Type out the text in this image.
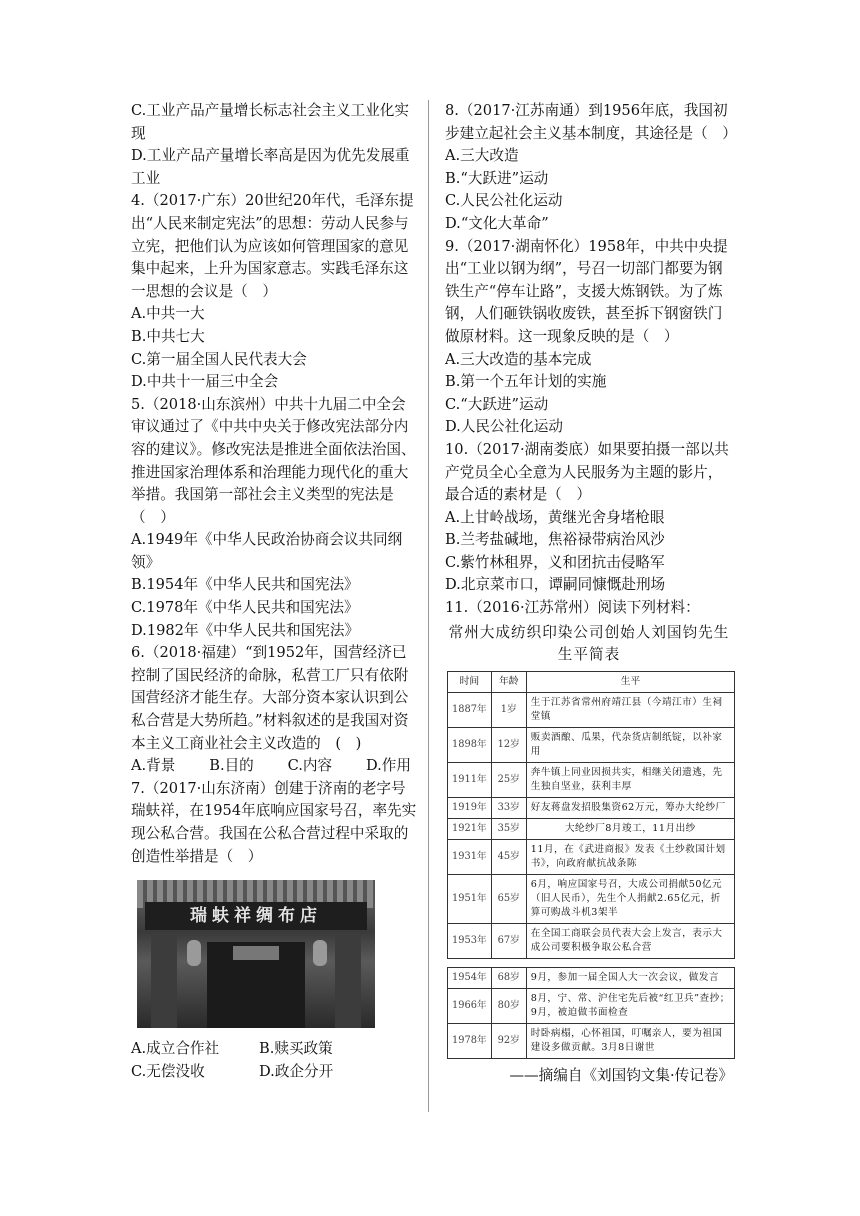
C.工业产品产量增长标志社会主义工业化实现

D.工业产品产量增长率高是因为优先发展重工业

4.（2017·广东）20世纪20年代，毛泽东提出“人民来制定宪法”的思想：劳动人民参与立宪，把他们认为应该如何管理国家的意见集中起来，上升为国家意志。实践毛泽东这一思想的会议是（　）

A.中共一大

B.中共七大

C.第一届全国人民代表大会

D.中共十一届三中全会

5.（2018·山东滨州）中共十九届二中全会审议通过了《中共中央关于修改宪法部分内容的建议》。修改宪法是推进全面依法治国、推进国家治理体系和治理能力现代化的重大举措。我国第一部社会主义类型的宪法是（　）

A.1949年《中华人民政治协商会议共同纲领》

B.1954年《中华人民共和国宪法》

C.1978年《中华人民共和国宪法》

D.1982年《中华人民共和国宪法》

6.（2018·福建）“到1952年，国营经济已控制了国民经济的命脉，私营工厂只有依附国营经济才能生存。大部分资本家认识到公私合营是大势所趋。”材料叙述的是我国对资本主义工商业社会主义改造的　(　)

A.背景 B.目的 C.内容 D.作用

7.（2017·山东济南）创建于济南的老字号瑞蚨祥，在1954年底响应国家号召，率先实现公私合营。我国在公私合营过程中采取的创造性举措是（　）

瑞蚨祥绸布店
A.成立合作社	B.赎买政策
C.无偿没收	D.政企分开

8.（2017·江苏南通）到1956年底，我国初步建立起社会主义基本制度，其途径是（　）

A.三大改造

B.“大跃进”运动

C.人民公社化运动

D.“文化大革命”

9.（2017·湖南怀化）1958年，中共中央提出“工业以钢为纲”，号召一切部门都要为钢铁生产“停车让路”，支援大炼钢铁。为了炼钢，人们砸铁锅收废铁，甚至拆下钢窗铁门做原材料。这一现象反映的是（　）

A.三大改造的基本完成

B.第一个五年计划的实施

C.“大跃进”运动

D.人民公社化运动

10.（2017·湖南娄底）如果要拍摄一部以共产党员全心全意为人民服务为主题的影片，最合适的素材是（　）

A.上甘岭战场，黄继光舍身堵枪眼

B.兰考盐碱地，焦裕禄带病治风沙

C.紫竹林租界，义和团抗击侵略军

D.北京菜市口，谭嗣同慷慨赴刑场

11.（2016·江苏常州）阅读下列材料：

常州大成纺织印染公司创始人刘国钧先生生平简表

时间	年龄	生平
1887年	1岁	生于江苏省常州府靖江县（今靖江市）生祠堂镇
1898年	12岁	贩卖酒酿、瓜果，代杂货店制纸锭，以补家用
1911年	25岁	奔牛镇上同业因损共实，相继关闭遗逃，先生独自坚业，获利丰厚
1919年	33岁	好友蒋盘发招股集资62万元，筹办大纶纱厂
1921年	35岁	大纶纱厂8月竣工，11月出纱
1931年	45岁	11月，在《武进商报》发表《土纱救国计划书》，向政府献抗战条陈
1951年	65岁	6月，响应国家号召，大成公司捐献50亿元（旧人民币），先生个人捐献2.65亿元，折算可购战斗机3架半
1953年	67岁	在全国工商联会员代表大会上发言，表示大成公司要积极争取公私合营
1954年	68岁	9月，参加一届全国人大一次会议，做发言
1966年	80岁	8月，宁、常、沪住宅先后被“红卫兵”查抄；9月，被迫做书面检查
1978年	92岁	时卧病榻，心怀祖国，叮嘱亲人，要为祖国建设多做贡献。3月8日谢世

——摘编自《刘国钧文集·传记卷》
